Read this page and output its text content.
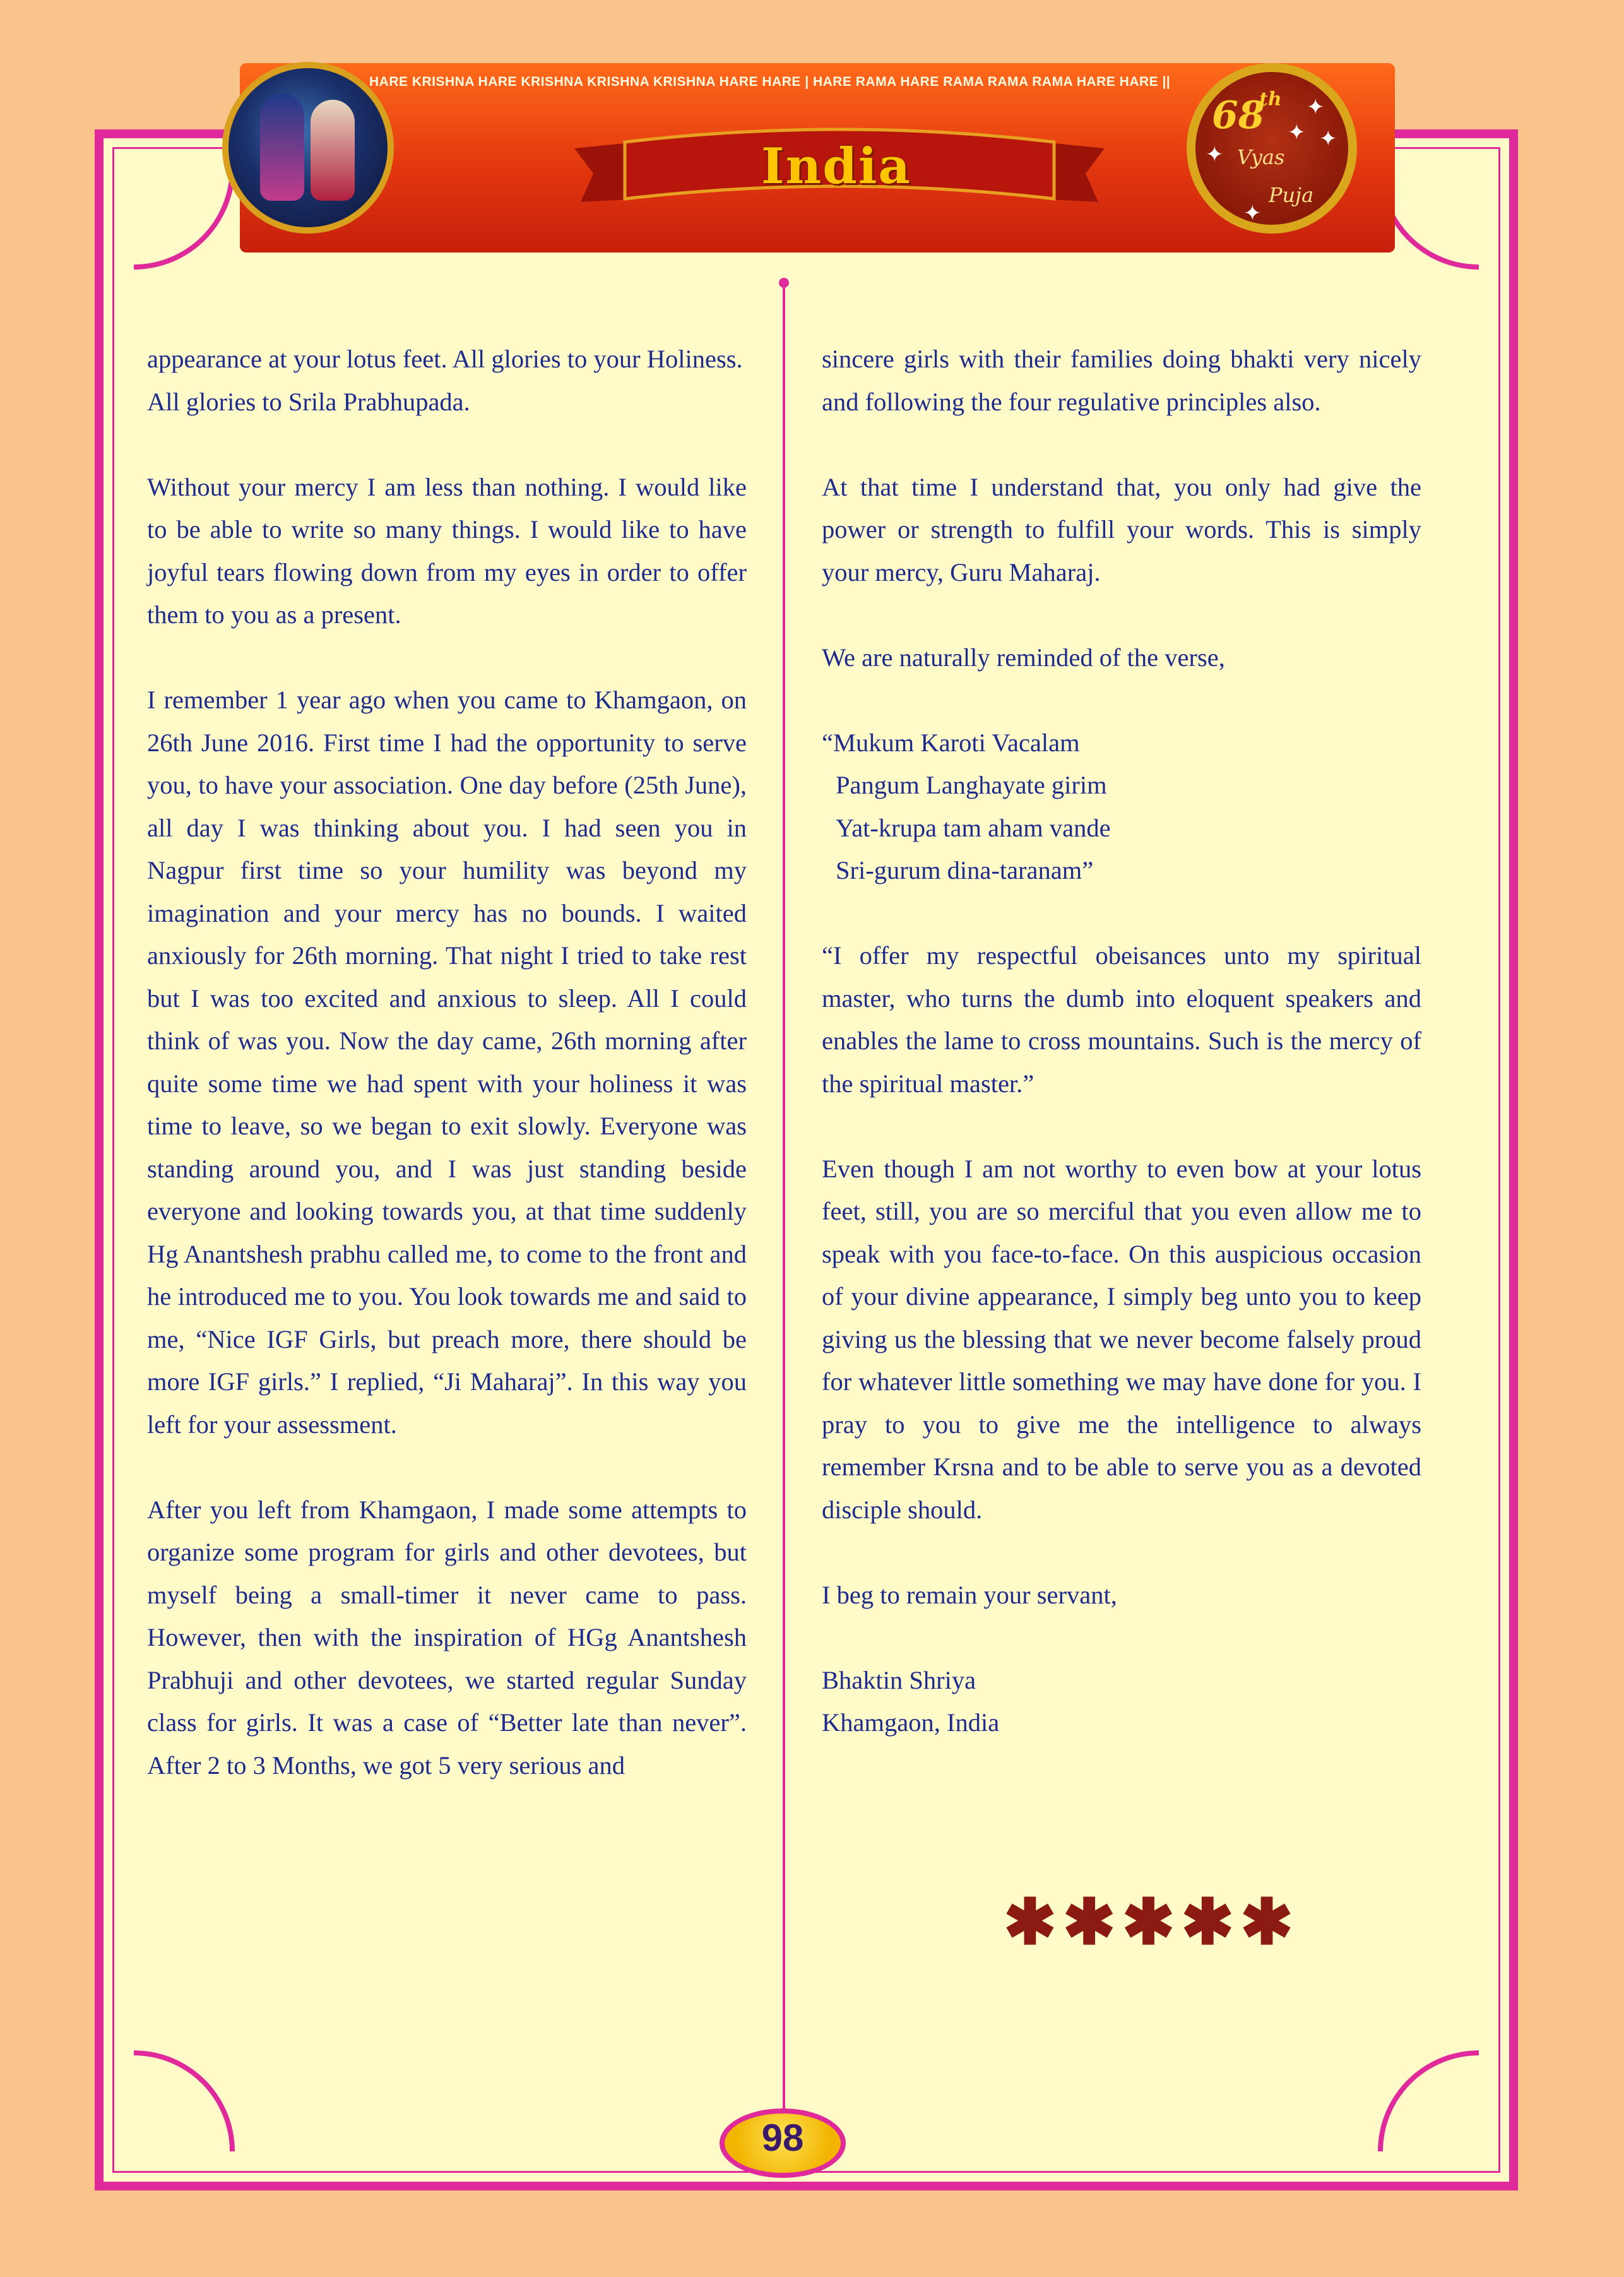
HARE KRISHNA HARE KRISHNA KRISHNA KRISHNA HARE HARE | HARE RAMA HARE RAMA RAMA RAMA HARE HARE ||
India
68
th
Vyas
Puja
✦
✦
✦
✦
✦

appearance at your lotus feet. All glories to your Holiness.

All glories to Srila Prabhupada.

Without your mercy I am less than nothing. I would like to be able to write so many things. I would like to have joyful tears flowing down from my eyes in order to offer them to you as a present.

I remember 1 year ago when you came to Khamgaon, on 26th June 2016. First time I had the opportunity to serve you, to have your association. One day before (25th June), all day I was thinking about you. I had seen you in Nagpur first time so your humility was beyond my imagination and your mercy has no bounds. I waited anxiously for 26th morning. That night I tried to take rest but I was too excited and anxious to sleep. All I could think of was you. Now the day came, 26th morning after quite some time we had spent with your holiness it was time to leave, so we began to exit slowly. Everyone was standing around you, and I was just standing beside everyone and looking towards you, at that time suddenly Hg Anantshesh prabhu called me, to come to the front and he introduced me to you. You look towards me and said to me, “Nice IGF Girls, but preach more, there should be more IGF girls.” I replied, “Ji Maharaj”. In this way you left for your assessment.

After you left from Khamgaon, I made some attempts to organize some program for girls and other devotees, but myself being a small-timer it never came to pass. However, then with the inspiration of HGg Anantshesh Prabhuji and other devotees, we started regular Sunday class for girls. It was a case of “Better late than never”. After 2 to 3 Months, we got 5 very serious and

sincere girls with their families doing bhakti very nicely and following the four regulative principles also.

At that time I understand that, you only had give the power or strength to fulfill your words. This is simply your mercy, Guru Maharaj.

We are naturally reminded of the verse,

“Mukum Karoti Vacalam

Pangum Langhayate girim

Yat-krupa tam aham vande

Sri-gurum dina-taranam”

“I offer my respectful obeisances unto my spiritual master, who turns the dumb into eloquent speakers and enables the lame to cross mountains. Such is the mercy of the spiritual master.”

Even though I am not worthy to even bow at your lotus feet, still, you are so merciful that you even allow me to speak with you face-to-face. On this auspicious occasion of your divine appearance, I simply beg unto you to keep giving us the blessing that we never become falsely proud for whatever little something we may have done for you. I pray to you to give me the intelligence to always remember Krsna and to be able to serve you as a devoted disciple should.

I beg to remain your servant,

Bhaktin Shriya

Khamgaon, India

✱✱✱✱✱
98
